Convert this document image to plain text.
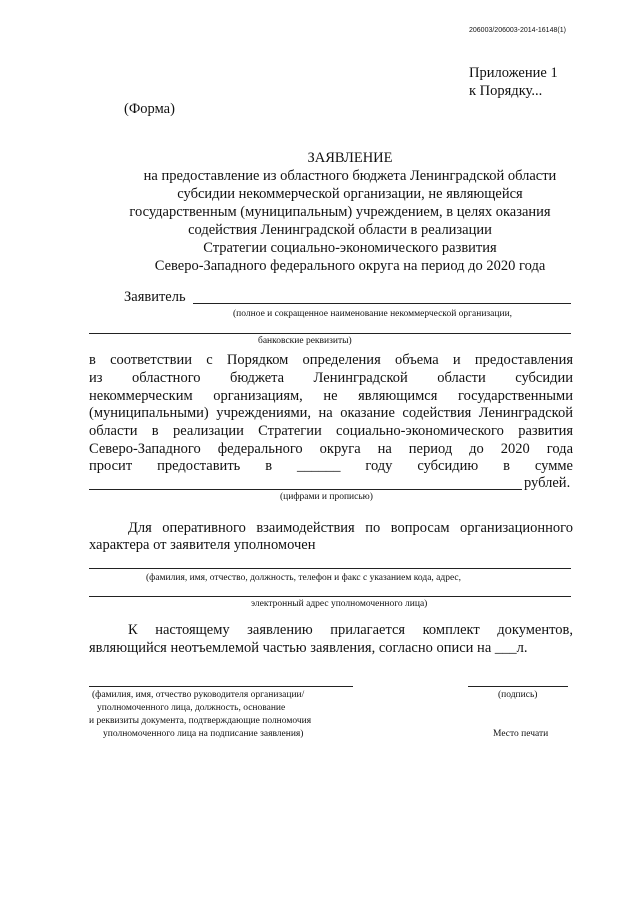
206003/206003-2014-16148(1)
Приложение 1
к Порядку...
(Форма)
ЗАЯВЛЕНИЕ
на предоставление из областного бюджета Ленинградской области
субсидии некоммерческой организации, не являющейся
государственным (муниципальным) учреждением, в целях оказания
содействия Ленинградской области в реализации
Стратегии социально-экономического развития
Северо-Западного федерального округа на период до 2020 года
Заявитель
(полное и сокращенное наименование некоммерческой организации,
банковские реквизиты)
в соответствии с Порядком определения объема и предоставления
из областного бюджета Ленинградской области субсидии
некоммерческим организациям, не являющимся государственными
(муниципальными) учреждениями, на оказание содействия Ленинградской
области в реализации Стратегии социально-экономического развития
Северо-Западного федерального округа на период до 2020 года
просит предоставить в ______ году субсидию в сумме
рублей.
(цифрами и прописью)
Для оперативного взаимодействия по вопросам организационного
характера от заявителя уполномочен
(фамилия, имя, отчество, должность, телефон и факс с указанием кода, адрес,
электронный адрес уполномоченного лица)
К настоящему заявлению прилагается комплект документов,
являющийся неотъемлемой частью заявления, согласно описи на ___л.
(фамилия, имя, отчество руководителя организации/
уполномоченного лица, должность, основание
и реквизиты документа, подтверждающие полномочия
уполномоченного лица на подписание заявления)
(подпись)
Место печати
